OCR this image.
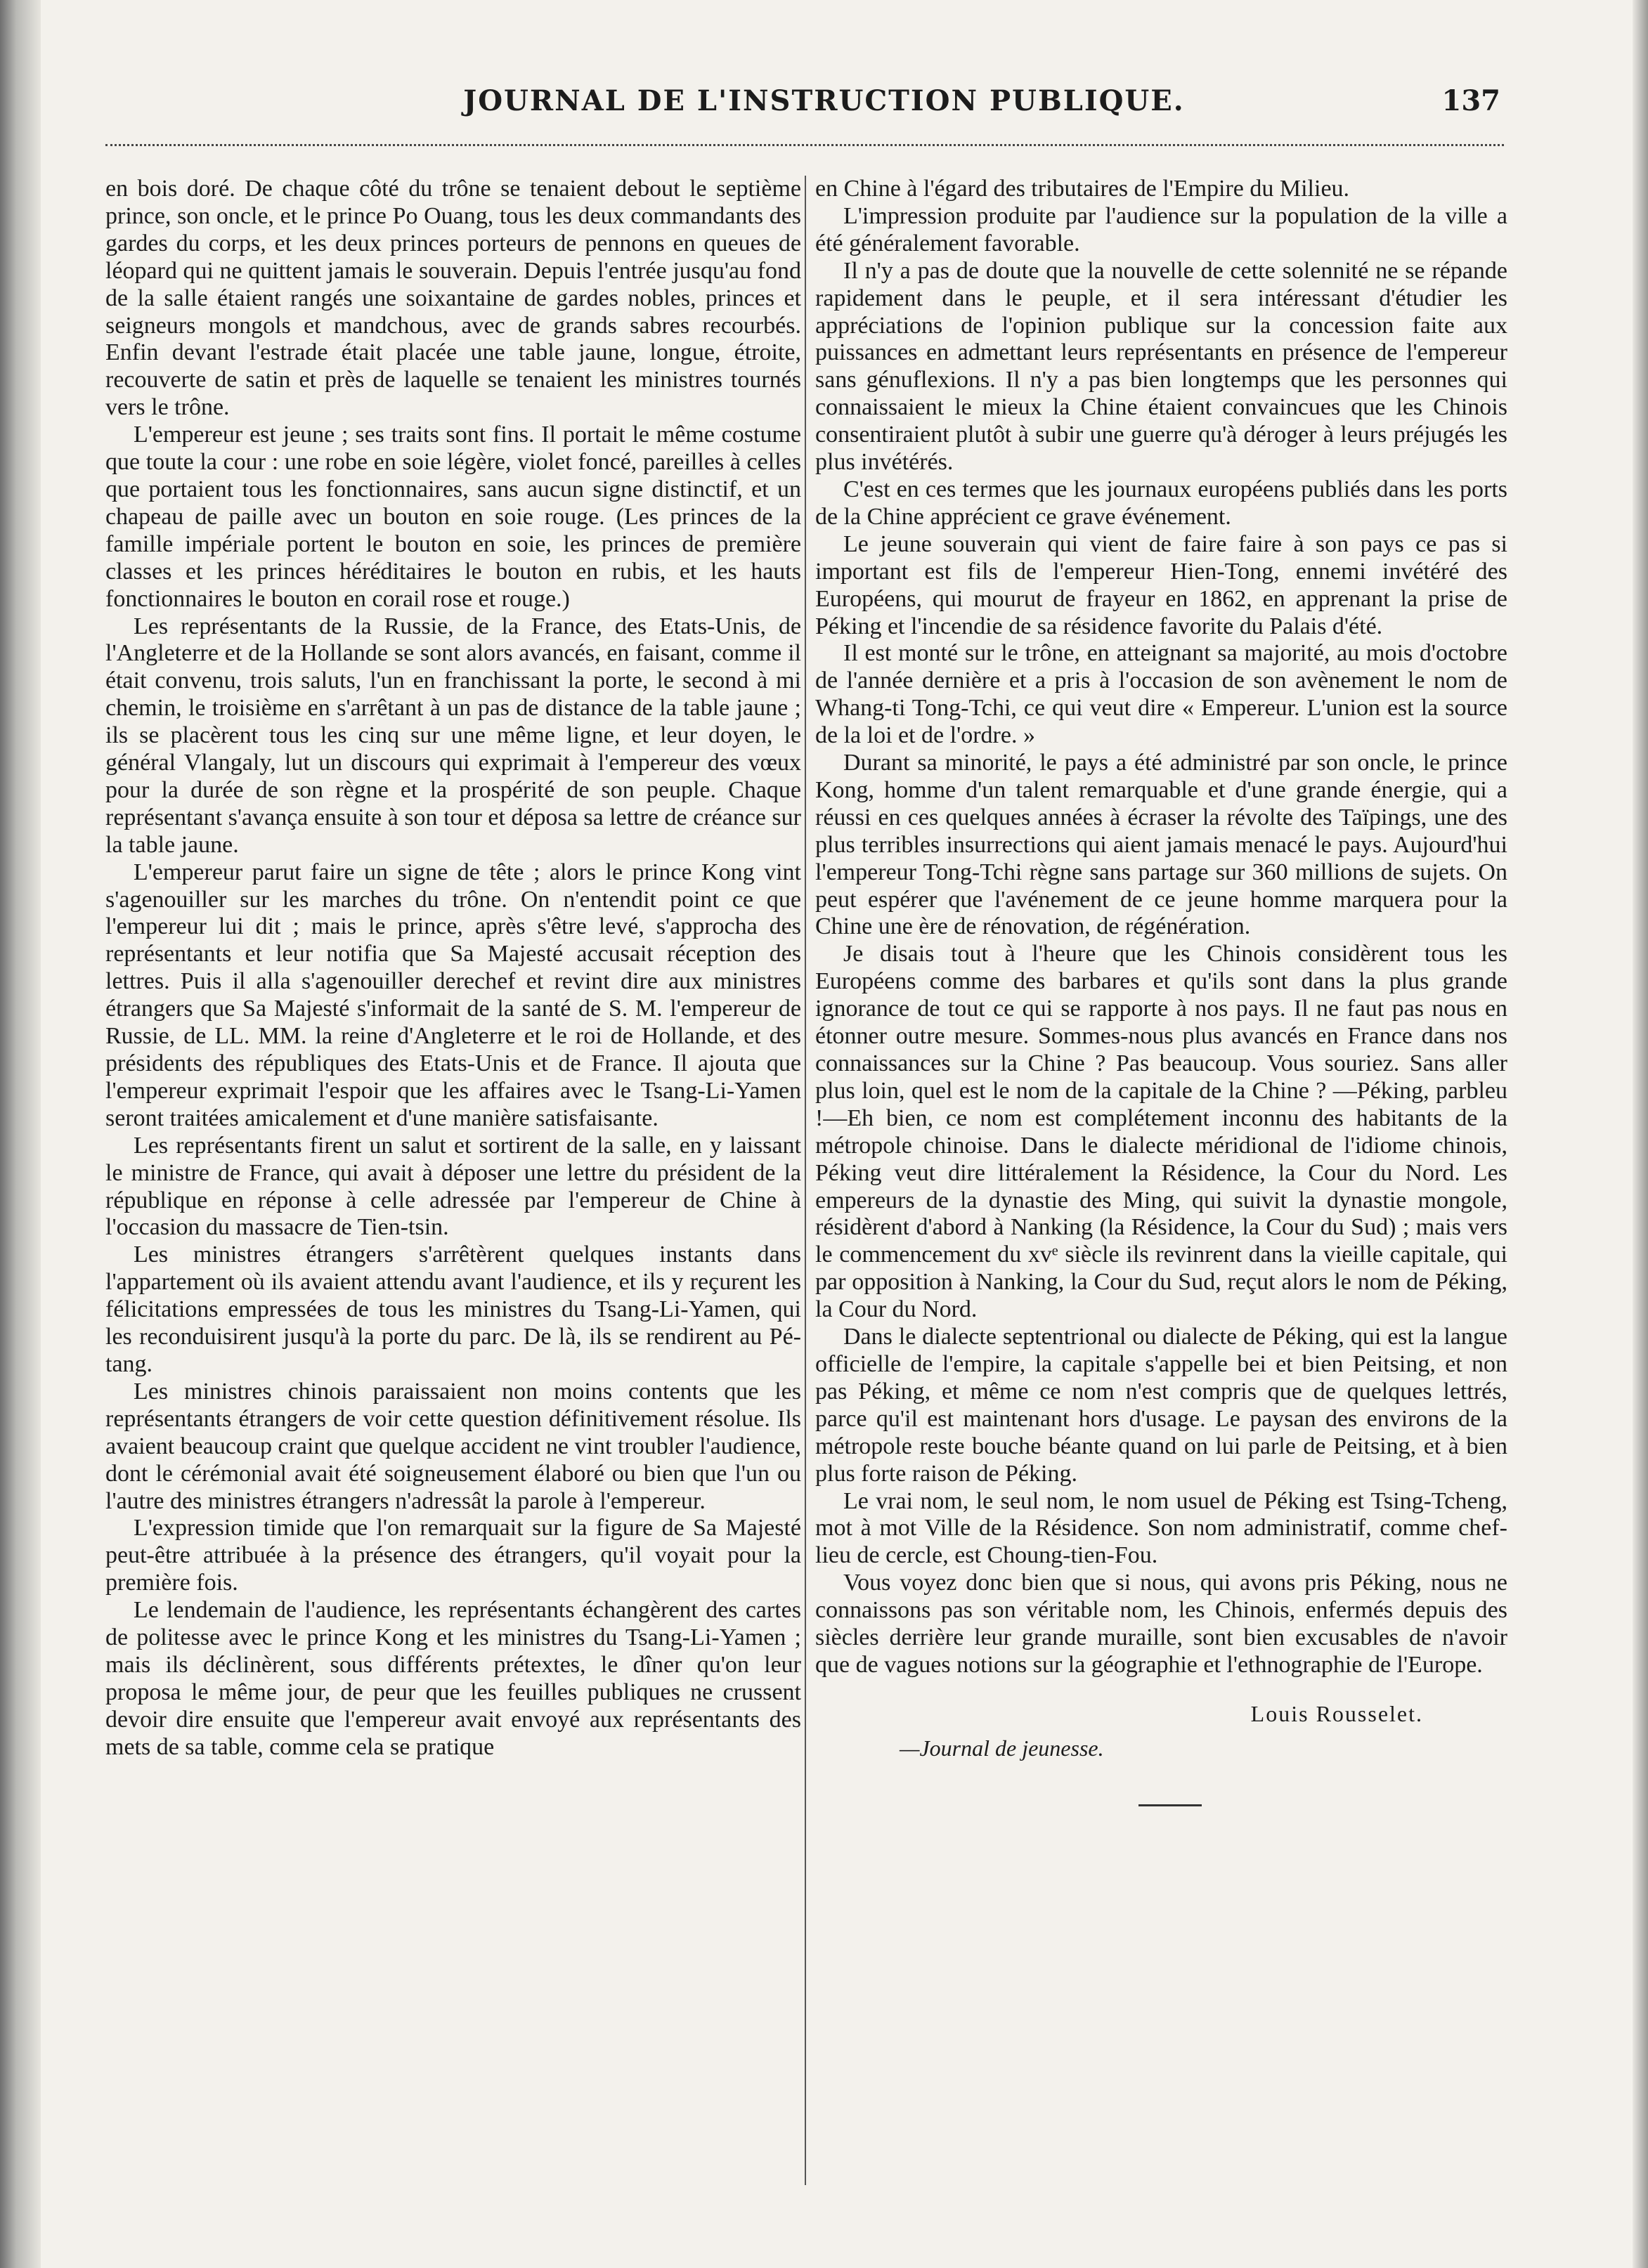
JOURNAL DE L'INSTRUCTION PUBLIQUE.	137

en bois doré. De chaque côté du trône se tenaient debout le septième prince, son oncle, et le prince Po Ouang, tous les deux commandants des gardes du corps, et les deux princes porteurs de pennons en queues de léopard qui ne quittent jamais le souverain. Depuis l'entrée jusqu'au fond de la salle étaient rangés une soixantaine de gardes nobles, princes et seigneurs mongols et mandchous, avec de grands sabres recourbés. Enfin devant l'estrade était placée une table jaune, longue, étroite, recouverte de satin et près de laquelle se tenaient les ministres tournés vers le trône.

L'empereur est jeune ; ses traits sont fins. Il portait le même costume que toute la cour : une robe en soie légère, violet foncé, pareilles à celles que portaient tous les fonctionnaires, sans aucun signe distinctif, et un chapeau de paille avec un bouton en soie rouge. (Les princes de la famille impériale portent le bouton en soie, les princes de première classes et les princes héréditaires le bouton en rubis, et les hauts fonctionnaires le bouton en corail rose et rouge.)

Les représentants de la Russie, de la France, des Etats-Unis, de l'Angleterre et de la Hollande se sont alors avancés, en faisant, comme il était convenu, trois saluts, l'un en franchissant la porte, le second à mi chemin, le troisième en s'arrêtant à un pas de distance de la table jaune ; ils se placèrent tous les cinq sur une même ligne, et leur doyen, le général Vlangaly, lut un discours qui exprimait à l'empereur des vœux pour la durée de son règne et la prospérité de son peuple. Chaque représentant s'avança ensuite à son tour et déposa sa lettre de créance sur la table jaune.

L'empereur parut faire un signe de tête ; alors le prince Kong vint s'agenouiller sur les marches du trône. On n'entendit point ce que l'empereur lui dit ; mais le prince, après s'être levé, s'approcha des représentants et leur notifia que Sa Majesté accusait réception des lettres. Puis il alla s'agenouiller derechef et revint dire aux ministres étrangers que Sa Majesté s'informait de la santé de S. M. l'empereur de Russie, de LL. MM. la reine d'Angleterre et le roi de Hollande, et des présidents des républiques des Etats-Unis et de France. Il ajouta que l'empereur exprimait l'espoir que les affaires avec le Tsang-Li-Yamen seront traitées amicalement et d'une manière satisfaisante.

Les représentants firent un salut et sortirent de la salle, en y laissant le ministre de France, qui avait à déposer une lettre du président de la république en réponse à celle adressée par l'empereur de Chine à l'occasion du massacre de Tien-tsin.

Les ministres étrangers s'arrêtèrent quelques instants dans l'appartement où ils avaient attendu avant l'audience, et ils y reçurent les félicitations empressées de tous les ministres du Tsang-Li-Yamen, qui les reconduisirent jusqu'à la porte du parc. De là, ils se rendirent au Pé-tang.

Les ministres chinois paraissaient non moins contents que les représentants étrangers de voir cette question définitivement résolue. Ils avaient beaucoup craint que quelque accident ne vint troubler l'audience, dont le cérémonial avait été soigneusement élaboré ou bien que l'un ou l'autre des ministres étrangers n'adressât la parole à l'empereur.

L'expression timide que l'on remarquait sur la figure de Sa Majesté peut-être attribuée à la présence des étrangers, qu'il voyait pour la première fois.

Le lendemain de l'audience, les représentants échangèrent des cartes de politesse avec le prince Kong et les ministres du Tsang-Li-Yamen ; mais ils déclinèrent, sous différents prétextes, le dîner qu'on leur proposa le même jour, de peur que les feuilles publiques ne crussent devoir dire ensuite que l'empereur avait envoyé aux représentants des mets de sa table, comme cela se pratique

en Chine à l'égard des tributaires de l'Empire du Milieu.

L'impression produite par l'audience sur la population de la ville a été généralement favorable.

Il n'y a pas de doute que la nouvelle de cette solennité ne se répande rapidement dans le peuple, et il sera intéressant d'étudier les appréciations de l'opinion publique sur la concession faite aux puissances en admettant leurs représentants en présence de l'empereur sans génuflexions. Il n'y a pas bien longtemps que les personnes qui connaissaient le mieux la Chine étaient convaincues que les Chinois consentiraient plutôt à subir une guerre qu'à déroger à leurs préjugés les plus invétérés.

C'est en ces termes que les journaux européens publiés dans les ports de la Chine apprécient ce grave événement.

Le jeune souverain qui vient de faire faire à son pays ce pas si important est fils de l'empereur Hien-Tong, ennemi invétéré des Européens, qui mourut de frayeur en 1862, en apprenant la prise de Péking et l'incendie de sa résidence favorite du Palais d'été.

Il est monté sur le trône, en atteignant sa majorité, au mois d'octobre de l'année dernière et a pris à l'occasion de son avènement le nom de Whang-ti Tong-Tchi, ce qui veut dire « Empereur. L'union est la source de la loi et de l'ordre. »

Durant sa minorité, le pays a été administré par son oncle, le prince Kong, homme d'un talent remarquable et d'une grande énergie, qui a réussi en ces quelques années à écraser la révolte des Taïpings, une des plus terribles insurrections qui aient jamais menacé le pays. Aujourd'hui l'empereur Tong-Tchi règne sans partage sur 360 millions de sujets. On peut espérer que l'avénement de ce jeune homme marquera pour la Chine une ère de rénovation, de régénération.

Je disais tout à l'heure que les Chinois considèrent tous les Européens comme des barbares et qu'ils sont dans la plus grande ignorance de tout ce qui se rapporte à nos pays. Il ne faut pas nous en étonner outre mesure. Sommes-nous plus avancés en France dans nos connaissances sur la Chine ? Pas beaucoup. Vous souriez. Sans aller plus loin, quel est le nom de la capitale de la Chine ? —Péking, parbleu !—Eh bien, ce nom est complétement inconnu des habitants de la métropole chinoise. Dans le dialecte méridional de l'idiome chinois, Péking veut dire littéralement la Résidence, la Cour du Nord. Les empereurs de la dynastie des Ming, qui suivit la dynastie mongole, résidèrent d'abord à Nanking (la Résidence, la Cour du Sud) ; mais vers le commencement du xvᵉ siècle ils revinrent dans la vieille capitale, qui par opposition à Nanking, la Cour du Sud, reçut alors le nom de Péking, la Cour du Nord.

Dans le dialecte septentrional ou dialecte de Péking, qui est la langue officielle de l'empire, la capitale s'appelle bei et bien Peitsing, et non pas Péking, et même ce nom n'est compris que de quelques lettrés, parce qu'il est maintenant hors d'usage. Le paysan des environs de la métropole reste bouche béante quand on lui parle de Peitsing, et à bien plus forte raison de Péking.

Le vrai nom, le seul nom, le nom usuel de Péking est Tsing-Tcheng, mot à mot Ville de la Résidence. Son nom administratif, comme chef-lieu de cercle, est Choung-tien-Fou.

Vous voyez donc bien que si nous, qui avons pris Péking, nous ne connaissons pas son véritable nom, les Chinois, enfermés depuis des siècles derrière leur grande muraille, sont bien excusables de n'avoir que de vagues notions sur la géographie et l'ethnographie de l'Europe.

Louis Rousselet.
—Journal de jeunesse.
